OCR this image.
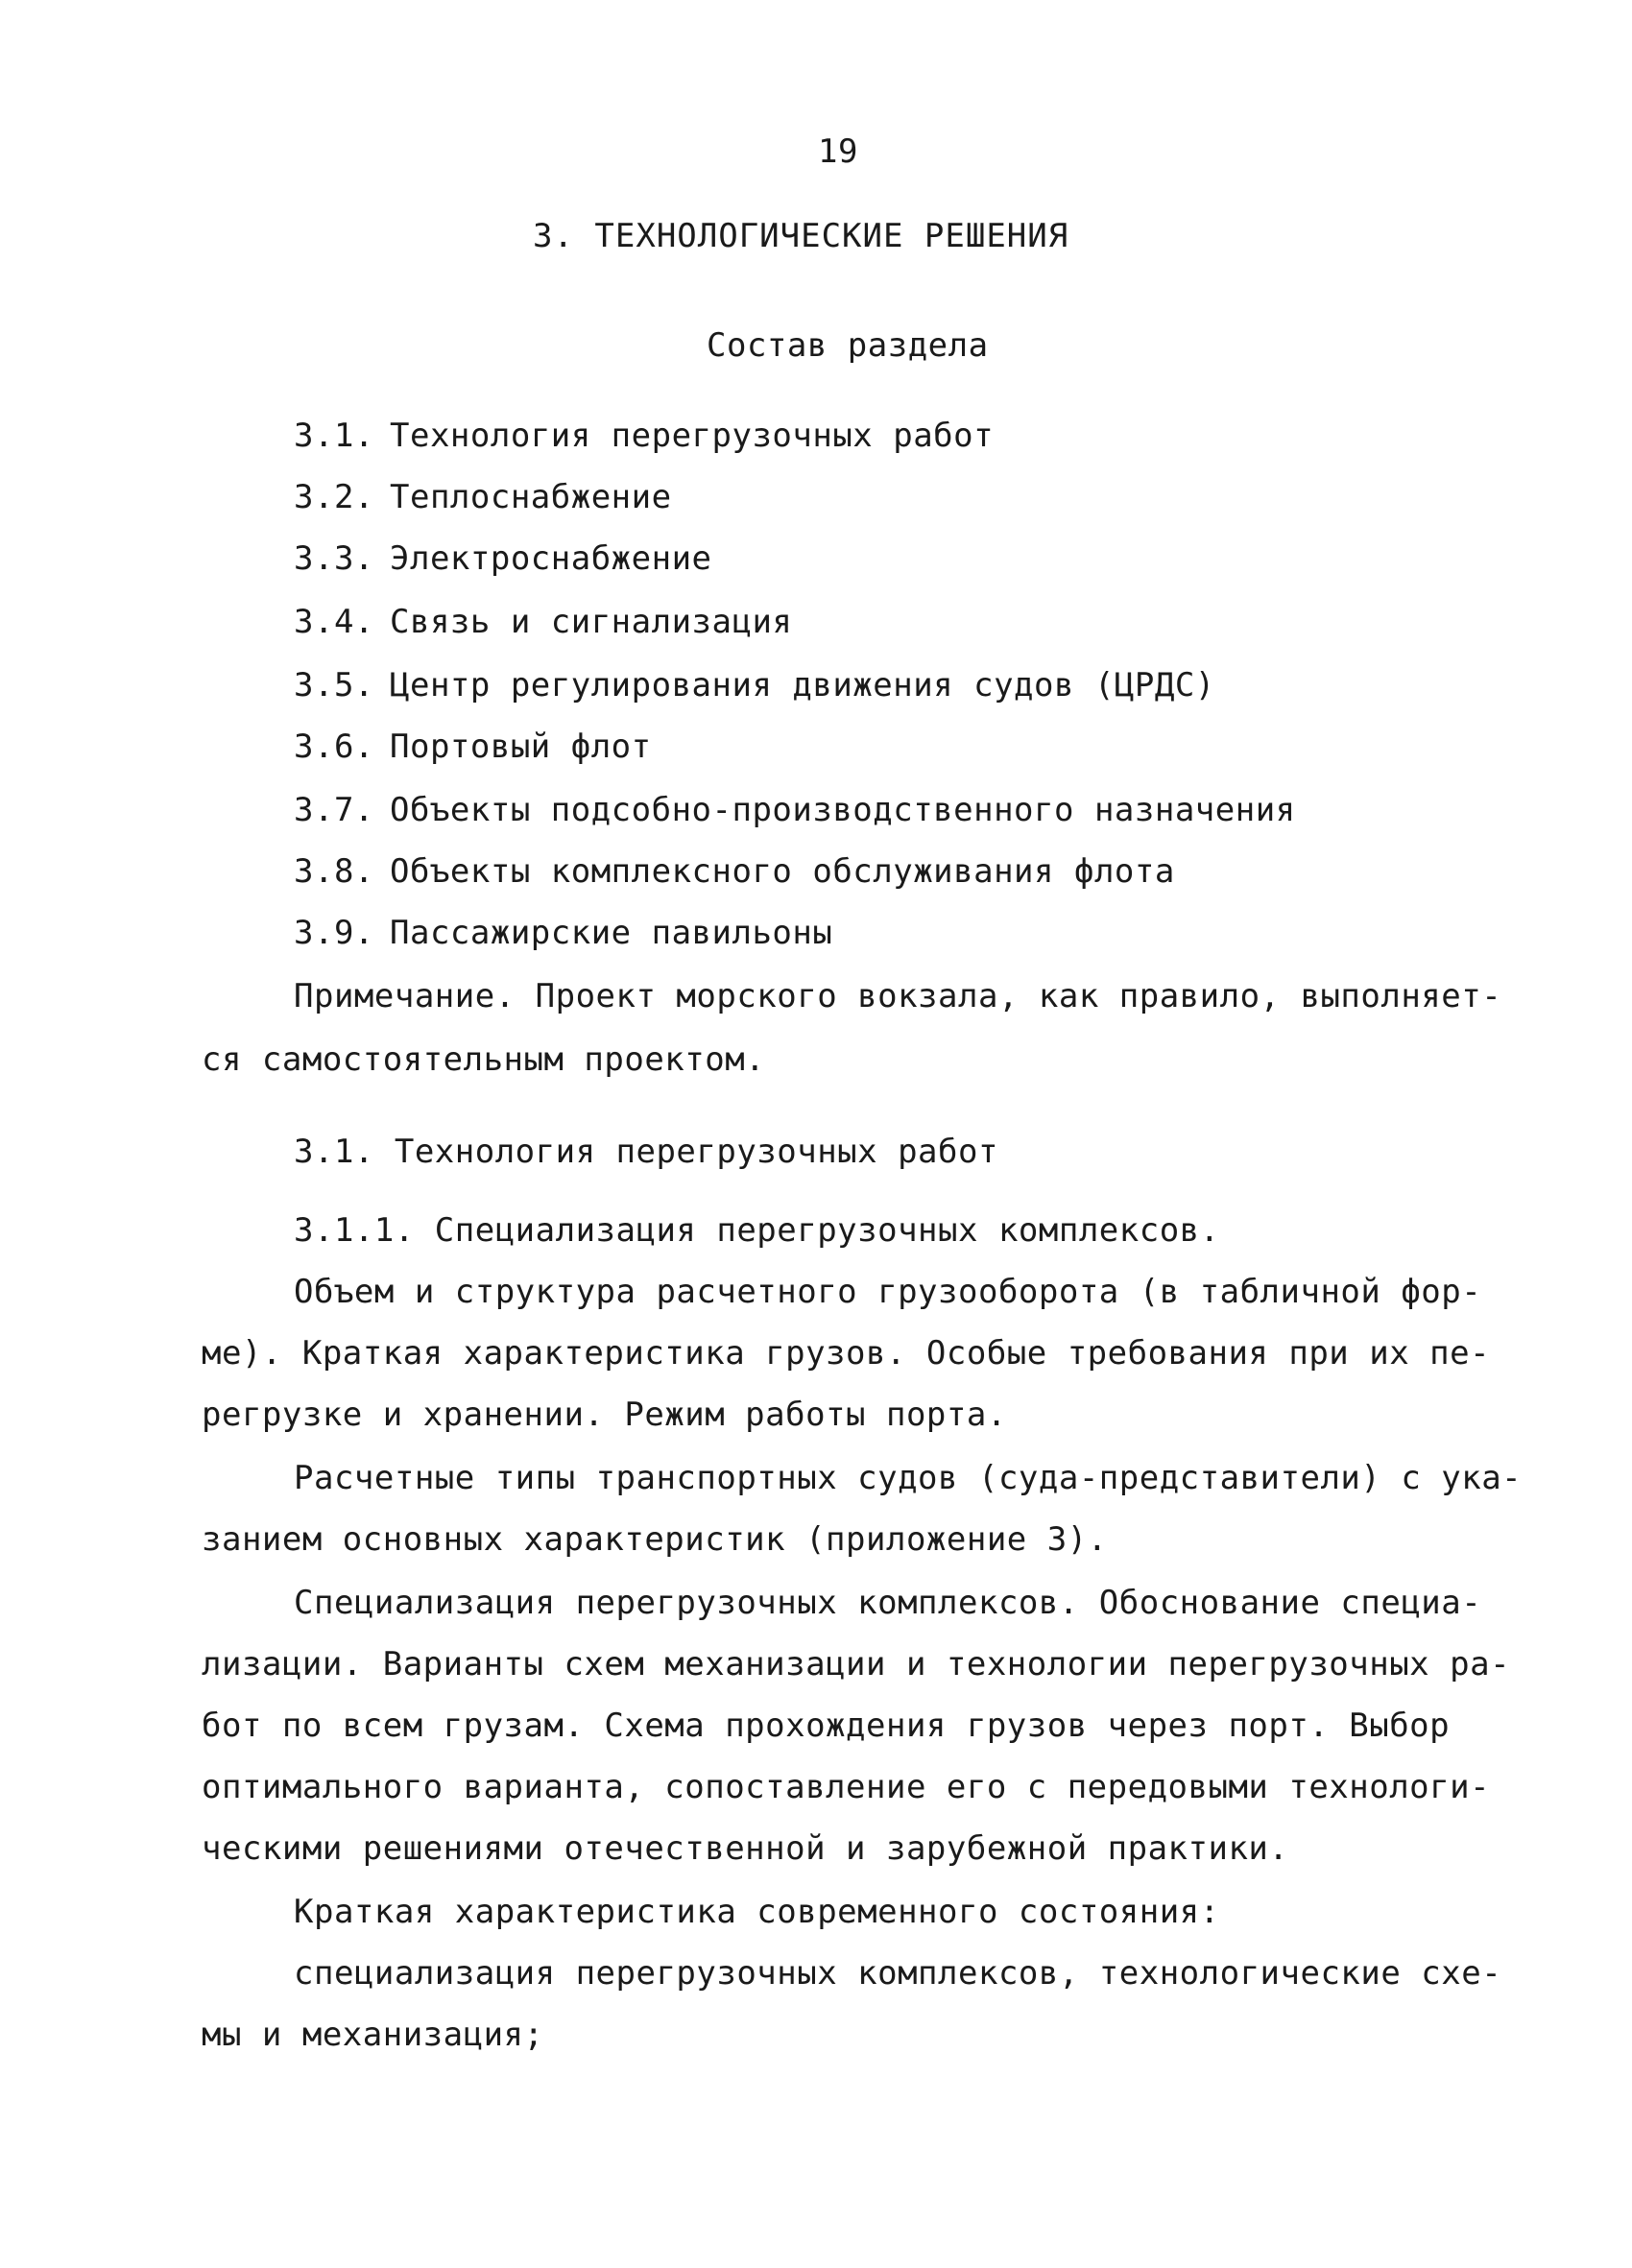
19
3. ТЕХНОЛОГИЧЕСКИЕ РЕШЕНИЯ
Состав раздела
3.1. Технология перегрузочных работ
3.2. Теплоснабжение
3.3. Электроснабжение
3.4. Связь и сигнализация
3.5. Центр регулирования движения судов (ЦРДС)
3.6. Портовый флот
3.7. Объекты подсобно-производственного назначения
3.8. Объекты комплексного обслуживания флота
3.9. Пассажирские павильоны
Примечание. Проект морского вокзала, как правило, выполняет-
ся самостоятельным проектом.
3.1. Технология перегрузочных работ
3.1.1. Специализация перегрузочных комплексов.
Объем и структура расчетного грузооборота (в табличной фор-
ме). Краткая характеристика грузов. Особые требования при их пе-
регрузке и хранении. Режим работы порта.
Расчетные типы транспортных судов (суда-представители) с ука-
занием основных характеристик (приложение 3).
Специализация перегрузочных комплексов. Обоснование специа-
лизации. Варианты схем механизации и технологии перегрузочных ра-
бот по всем грузам. Схема прохождения грузов через порт. Выбор
оптимального варианта, сопоставление его с передовыми технологи-
ческими решениями отечественной и зарубежной практики.
Краткая характеристика современного состояния:
специализация перегрузочных комплексов, технологические схе-
мы и механизация;
